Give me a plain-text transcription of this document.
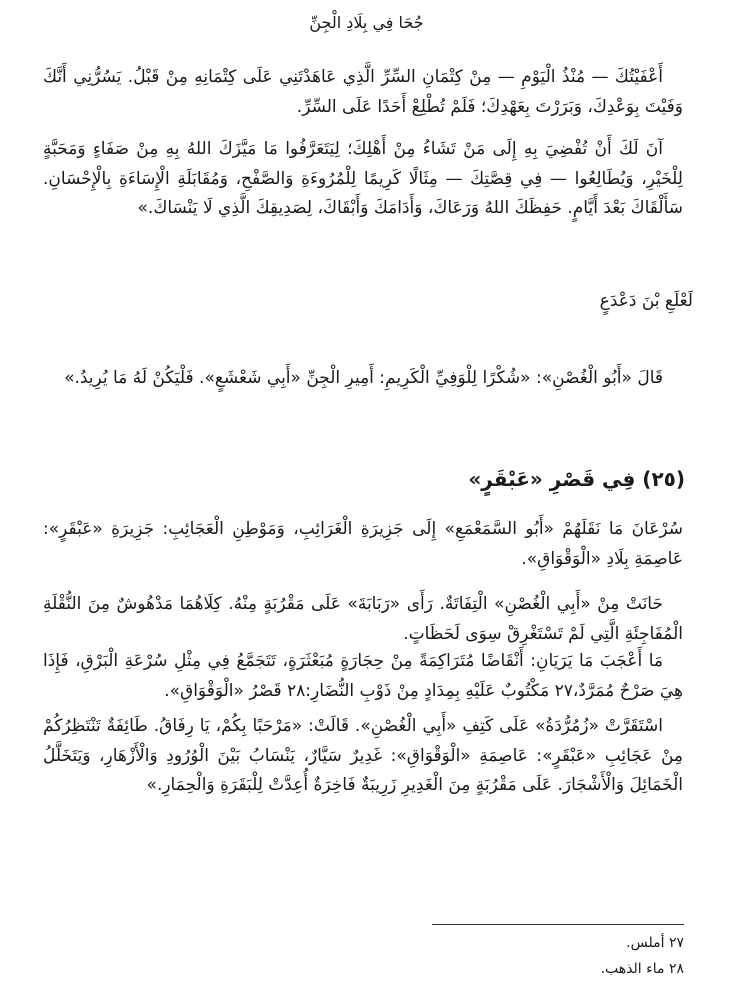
جُحَا فِي بِلَادِ الْجِنِّ

أَعْفَيْتُكَ — مُنْذُ الْيَوْمِ — مِنْ كِتْمَانِ السِّرِّ الَّذِي عَاهَدْتَنِي عَلَى كِتْمَانِهِ مِنْ قَبْلُ. يَسُرُّنِي أَنَّكَ وَفَيْتَ بِوَعْدِكَ، وَبَرَرْتَ بِعَهْدِكَ؛ فَلَمْ تُطْلِعْ أَحَدًا عَلَى السِّرِّ.

آنَ لَكَ أَنْ تُفْضِيَ بِهِ إِلَى مَنْ تَشَاءُ مِنْ أَهْلِكَ؛ لِيَتَعَرَّفُوا مَا مَيَّزَكَ اللهُ بِهِ مِنْ صَفَاءٍ وَمَحَبَّةٍ لِلْخَيْرِ، وَيُطَالِعُوا — فِي قِصَّتِكَ — مِثَالًا كَرِيمًا لِلْمُرُوءَةِ وَالصَّفْحِ، وَمُقَابَلَةِ الْإِسَاءَةِ بِالْإِحْسَانِ. سَأَلْقَاكَ بَعْدَ أَيَّامٍ. حَفِظَكَ اللهُ وَرَعَاكَ، وَأَدَامَكَ وَأَبْقَاكَ، لِصَدِيقِكَ الَّذِي لَا يَنْسَاكَ.»

لَعْلَعِ بْنَ دَعْدَعٍ

قَالَ «أَبُو الْغُصْنِ»: «شُكْرًا لِلْوَفِيِّ الْكَرِيمِ: أَمِيرِ الْجِنِّ «أَبِي شَعْشَعٍ». فَلْيَكُنْ لَهُ مَا يُرِيدُ.»

(٢٥) فِي قَصْرِ «عَبْقَرٍ»

سُرْعَانَ مَا نَقَلَهُمْ «أَبُو السَّمَعْمَعِ» إِلَى جَزِيرَةِ الْغَرَائِبِ، وَمَوْطِنِ الْعَجَائِبِ: جَزِيرَةِ «عَبْقَرٍ»: عَاصِمَةِ بِلَادِ «الْوَقْوَاقِ».

حَانَتْ مِنْ «أَبِي الْغُصْنِ» الْتِفَاتَةٌ. رَأَى «رَبَابَةَ» عَلَى مَقْرُبَةٍ مِنْهُ. كِلَاهُمَا مَدْهُوشٌ مِنَ النُّقْلَةِ الْمُفَاجِئَةِ الَّتِي لَمْ تَسْتَغْرِقْ سِوَى لَحَظَاتٍ.

مَا أَعْجَبَ مَا يَرَيَانِ: أَنْقَاضًا مُتَرَاكِمَةً مِنْ حِجَارَةٍ مُبَعْثَرَةٍ، تَتَجَمَّعُ فِي مِثْلِ سُرْعَةِ الْبَرْقِ، فَإِذَا هِيَ صَرْحٌ مُمَرَّدٌ،٢٧ مَكْتُوبٌ عَلَيْهِ بِمِدَادٍ مِنْ ذَوْبِ النُّضَارِ:٢٨ قَصْرُ «الْوَقْوَاقِ».

اسْتَقَرَّتْ «زُمُرُّدَةُ» عَلَى كَتِفِ «أَبِي الْغُصْنِ». قَالَتْ: «مَرْحَبًا بِكُمْ، يَا رِفَاقُ. طَائِفَةٌ تَنْتَظِرُكُمْ مِنْ عَجَائِبِ «عَبْقَرٍ»: عَاصِمَةِ «الْوَقْوَاقِ»: غَدِيرٌ سَيَّارٌ، يَنْسَابُ بَيْنَ الْوُرُودِ وَالْأَزْهَارِ، وَيَتَخَلَّلُ الْخَمَائِلَ وَالْأَشْجَارَ. عَلَى مَقْرُبَةٍ مِنَ الْغَدِيرِ زَرِيبَةٌ فَاخِرَةٌ أُعِدَّتْ لِلْبَقَرَةِ وَالْحِمَارِ.»

٢٧ أملس.

٢٨ ماء الذهب.
